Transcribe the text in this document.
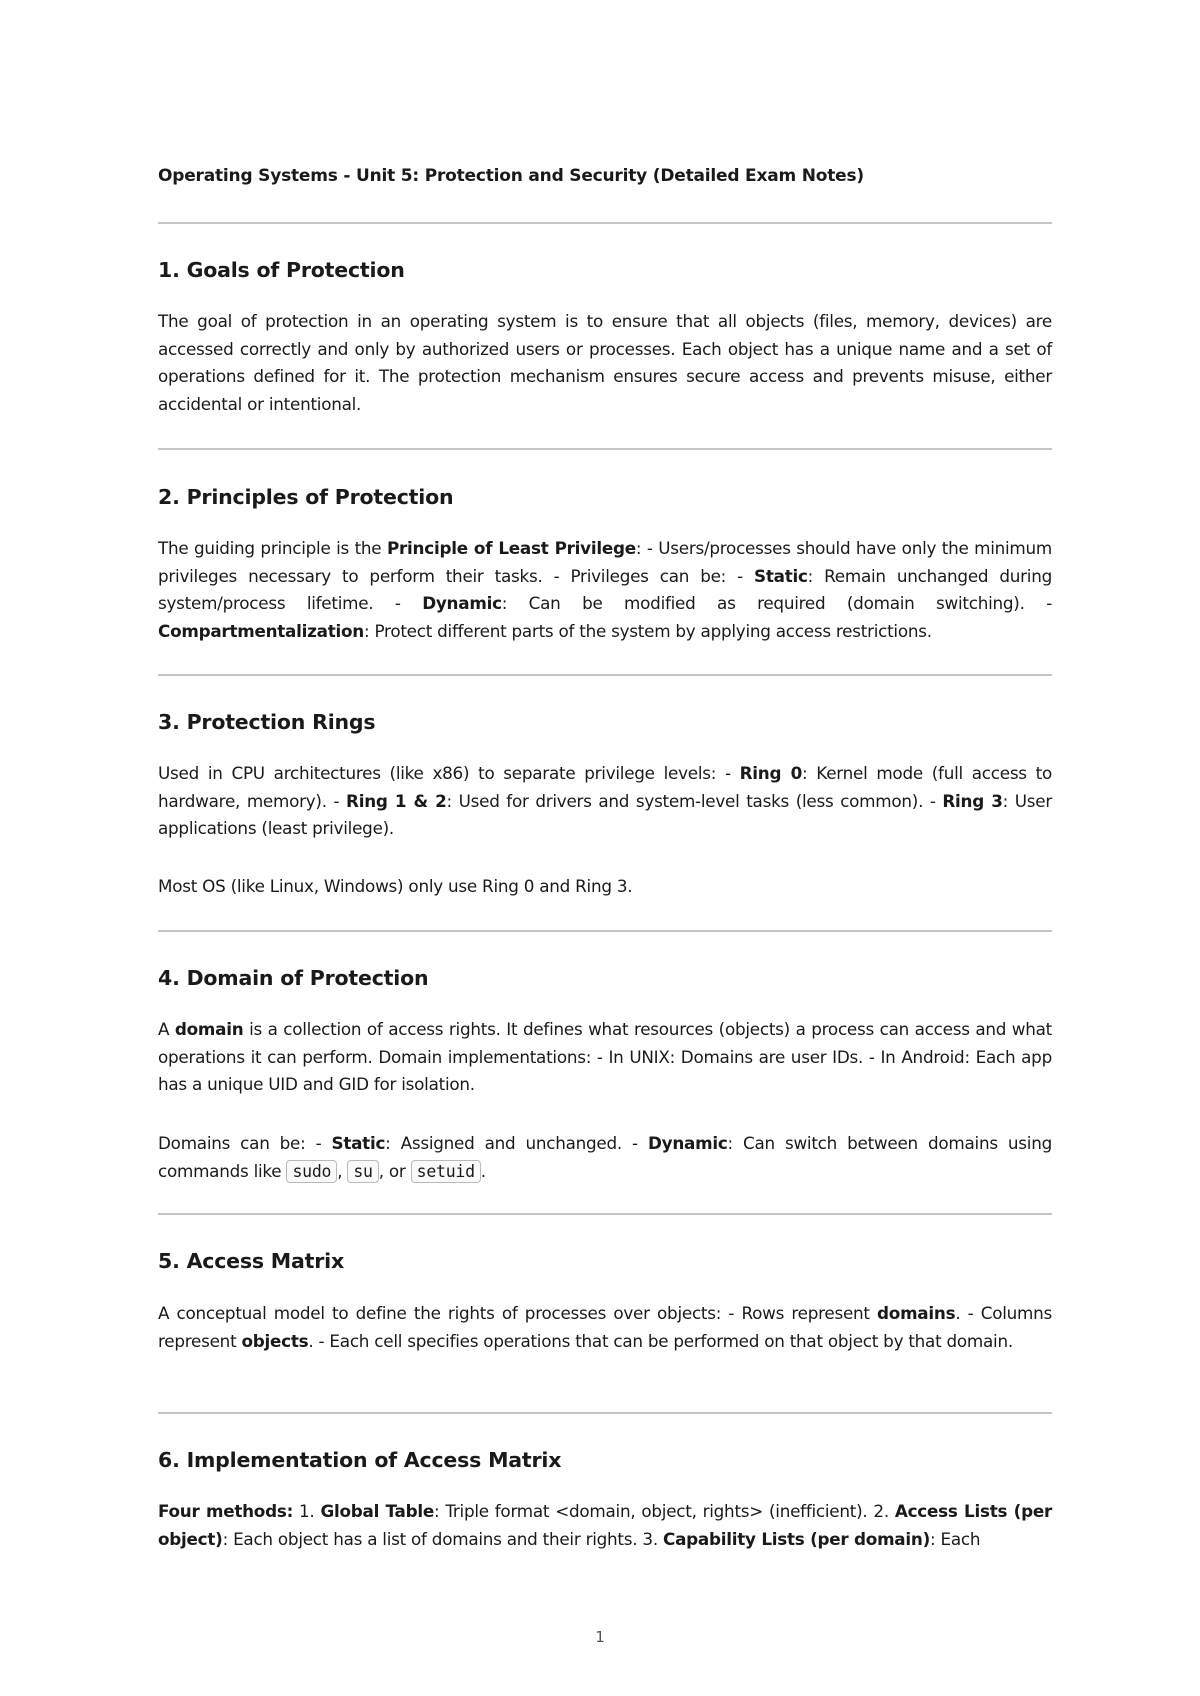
Operating Systems - Unit 5: Protection and Security (Detailed Exam Notes)
1. Goals of Protection

The goal of protection in an operating system is to ensure that all objects (files, memory, devices) are accessed correctly and only by authorized users or processes. Each object has a unique name and a set of operations defined for it. The protection mechanism ensures secure access and prevents misuse, either accidental or intentional.

2. Principles of Protection

The guiding principle is the Principle of Least Privilege: - Users/processes should have only the minimum privileges necessary to perform their tasks. - Privileges can be: - Static: Remain unchanged during system/process lifetime. - Dynamic: Can be modified as required (domain switching). - Compartmentalization: Protect different parts of the system by applying access restrictions.

3. Protection Rings

Used in CPU architectures (like x86) to separate privilege levels: - Ring 0: Kernel mode (full access to hardware, memory). - Ring 1 & 2: Used for drivers and system-level tasks (less common). - Ring 3: User applications (least privilege).

Most OS (like Linux, Windows) only use Ring 0 and Ring 3.

4. Domain of Protection

A domain is a collection of access rights. It defines what resources (objects) a process can access and what operations it can perform. Domain implementations: - In UNIX: Domains are user IDs. - In Android: Each app has a unique UID and GID for isolation.

Domains can be: - Static: Assigned and unchanged. - Dynamic: Can switch between domains using commands like sudo , su , or setuid .

5. Access Matrix

A conceptual model to define the rights of processes over objects: - Rows represent domains. - Columns represent objects. - Each cell specifies operations that can be performed on that object by that domain.

6. Implementation of Access Matrix

Four methods: 1. Global Table: Triple format <domain, object, rights> (inefficient). 2. Access Lists (per object): Each object has a list of domains and their rights. 3. Capability Lists (per domain): Each

1
